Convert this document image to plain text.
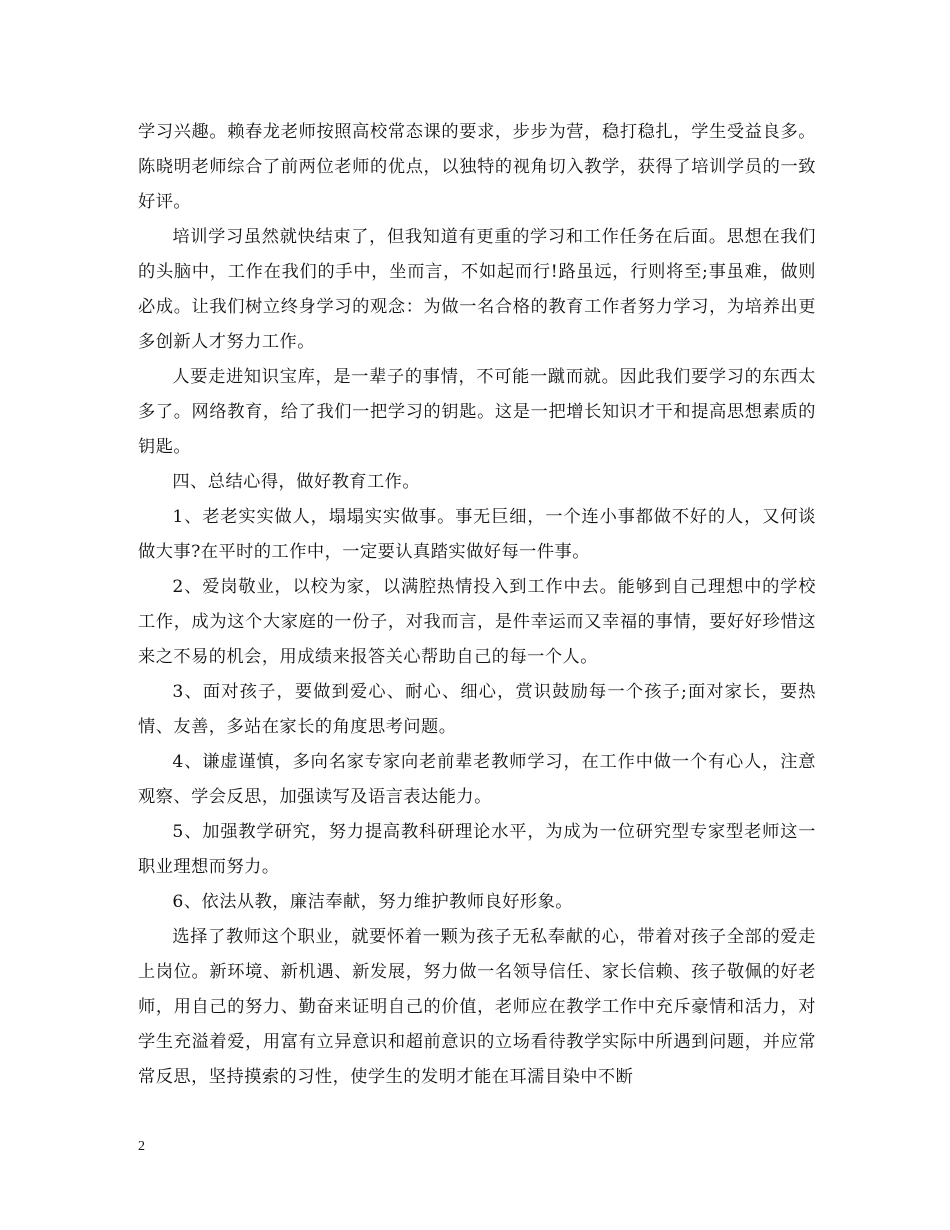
学习兴趣。赖春龙老师按照高校常态课的要求，步步为营，稳打稳扎，学生受益良多。陈晓明老师综合了前两位老师的优点，以独特的视角切入教学，获得了培训学员的一致好评。

培训学习虽然就快结束了，但我知道有更重的学习和工作任务在后面。思想在我们的头脑中，工作在我们的手中，坐而言，不如起而行!路虽远，行则将至;事虽难，做则必成。让我们树立终身学习的观念：为做一名合格的教育工作者努力学习，为培养出更多创新人才努力工作。

人要走进知识宝库，是一辈子的事情，不可能一蹴而就。因此我们要学习的东西太多了。网络教育，给了我们一把学习的钥匙。这是一把增长知识才干和提高思想素质的钥匙。

四、总结心得，做好教育工作。

1、老老实实做人，塌塌实实做事。事无巨细，一个连小事都做不好的人，又何谈做大事?在平时的工作中，一定要认真踏实做好每一件事。

2、爱岗敬业，以校为家，以满腔热情投入到工作中去。能够到自己理想中的学校工作，成为这个大家庭的一份子，对我而言，是件幸运而又幸福的事情，要好好珍惜这来之不易的机会，用成绩来报答关心帮助自己的每一个人。

3、面对孩子，要做到爱心、耐心、细心，赏识鼓励每一个孩子;面对家长，要热情、友善，多站在家长的角度思考问题。

4、谦虚谨慎，多向名家专家向老前辈老教师学习，在工作中做一个有心人，注意观察、学会反思，加强读写及语言表达能力。

5、加强教学研究，努力提高教科研理论水平，为成为一位研究型专家型老师这一职业理想而努力。

6、依法从教，廉洁奉献，努力维护教师良好形象。

选择了教师这个职业，就要怀着一颗为孩子无私奉献的心，带着对孩子全部的爱走上岗位。新环境、新机遇、新发展，努力做一名领导信任、家长信赖、孩子敬佩的好老师，用自己的努力、勤奋来证明自己的价值，老师应在教学工作中充斥豪情和活力，对学生充溢着爱，用富有立异意识和超前意识的立场看待教学实际中所遇到问题，并应常常反思，坚持摸索的习性，使学生的发明才能在耳濡目染中不断

2
